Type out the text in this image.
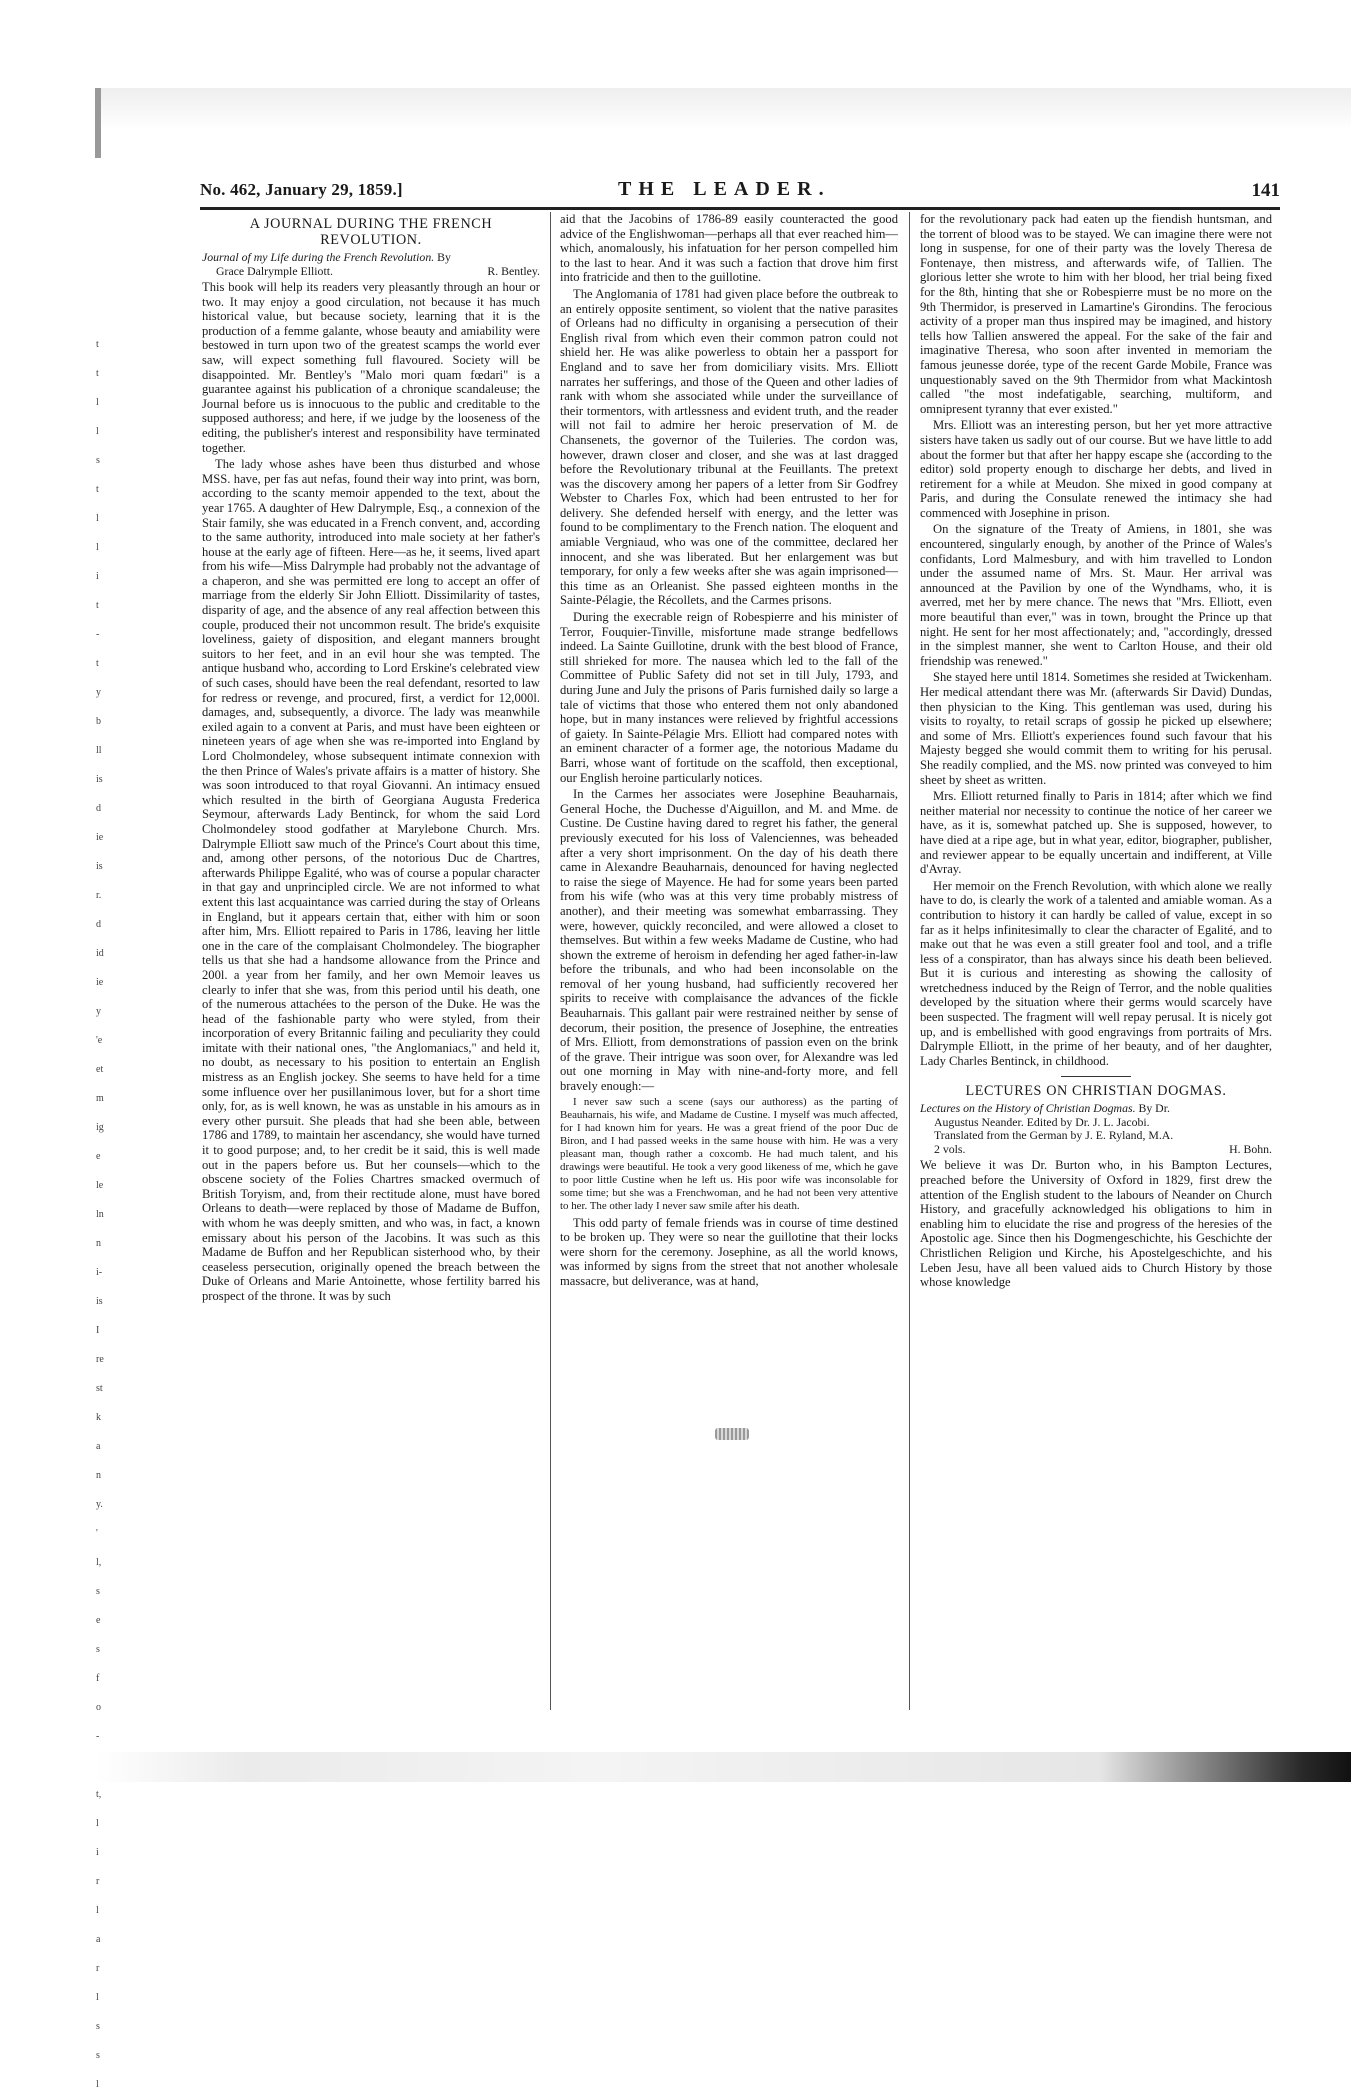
t
t
l
l
s
t
l
l
i
t
-
t
y
b
ll
is
d
ie
is
r.
d
id
ie
y
'e
et
m
ig
e
le
ln
n
i-
is
I
re
st
k
a
n
y.
'
l,
s
e
s
f
o
-
t,
l
i
r
l
a
r
l
s
s
l
No. 462, January 29, 1859.]	THE LEADER.	141
A JOURNAL DURING THE FRENCH REVOLUTION.
Journal of my Life during the French Revolution. By
Grace Dalrymple Elliott.	R. Bentley.

This book will help its readers very pleasantly through an hour or two. It may enjoy a good circulation, not because it has much historical value, but because society, learning that it is the production of a femme galante, whose beauty and amiability were bestowed in turn upon two of the greatest scamps the world ever saw, will expect something full flavoured. Society will be disappointed. Mr. Bentley's "Malo mori quam fœdari" is a guarantee against his publication of a chronique scandaleuse; the Journal before us is innocuous to the public and creditable to the supposed authoress; and here, if we judge by the looseness of the editing, the publisher's interest and responsibility have terminated together.

The lady whose ashes have been thus disturbed and whose MSS. have, per fas aut nefas, found their way into print, was born, according to the scanty memoir appended to the text, about the year 1765. A daughter of Hew Dalrymple, Esq., a connexion of the Stair family, she was educated in a French convent, and, according to the same authority, introduced into male society at her father's house at the early age of fifteen. Here—as he, it seems, lived apart from his wife—Miss Dalrymple had probably not the advantage of a chaperon, and she was permitted ere long to accept an offer of marriage from the elderly Sir John Elliott. Dissimilarity of tastes, disparity of age, and the absence of any real affection between this couple, produced their not uncommon result. The bride's exquisite loveliness, gaiety of disposition, and elegant manners brought suitors to her feet, and in an evil hour she was tempted. The antique husband who, according to Lord Erskine's celebrated view of such cases, should have been the real defendant, resorted to law for redress or revenge, and procured, first, a verdict for 12,000l. damages, and, subsequently, a divorce. The lady was meanwhile exiled again to a convent at Paris, and must have been eighteen or nineteen years of age when she was re-imported into England by Lord Cholmondeley, whose subsequent intimate connexion with the then Prince of Wales's private affairs is a matter of history. She was soon introduced to that royal Giovanni. An intimacy ensued which resulted in the birth of Georgiana Augusta Frederica Seymour, afterwards Lady Bentinck, for whom the said Lord Cholmondeley stood godfather at Marylebone Church. Mrs. Dalrymple Elliott saw much of the Prince's Court about this time, and, among other persons, of the notorious Duc de Chartres, afterwards Philippe Egalité, who was of course a popular character in that gay and unprincipled circle. We are not informed to what extent this last acquaintance was carried during the stay of Orleans in England, but it appears certain that, either with him or soon after him, Mrs. Elliott repaired to Paris in 1786, leaving her little one in the care of the complaisant Cholmondeley. The biographer tells us that she had a handsome allowance from the Prince and 200l. a year from her family, and her own Memoir leaves us clearly to infer that she was, from this period until his death, one of the numerous attachées to the person of the Duke. He was the head of the fashionable party who were styled, from their incorporation of every Britannic failing and peculiarity they could imitate with their national ones, "the Anglomaniacs," and held it, no doubt, as necessary to his position to entertain an English mistress as an English jockey. She seems to have held for a time some influence over her pusillanimous lover, but for a short time only, for, as is well known, he was as unstable in his amours as in every other pursuit. She pleads that had she been able, between 1786 and 1789, to maintain her ascendancy, she would have turned it to good purpose; and, to her credit be it said, this is well made out in the papers before us. But her counsels—which to the obscene society of the Folies Chartres smacked overmuch of British Toryism, and, from their rectitude alone, must have bored Orleans to death—were replaced by those of Madame de Buffon, with whom he was deeply smitten, and who was, in fact, a known emissary about his person of the Jacobins. It was such as this Madame de Buffon and her Republican sisterhood who, by their ceaseless persecution, originally opened the breach between the Duke of Orleans and Marie Antoinette, whose fertility barred his prospect of the throne. It was by such

aid that the Jacobins of 1786-89 easily counteracted the good advice of the Englishwoman—perhaps all that ever reached him—which, anomalously, his infatuation for her person compelled him to the last to hear. And it was such a faction that drove him first into fratricide and then to the guillotine.

The Anglomania of 1781 had given place before the outbreak to an entirely opposite sentiment, so violent that the native parasites of Orleans had no difficulty in organising a persecution of their English rival from which even their common patron could not shield her. He was alike powerless to obtain her a passport for England and to save her from domiciliary visits. Mrs. Elliott narrates her sufferings, and those of the Queen and other ladies of rank with whom she associated while under the surveillance of their tormentors, with artlessness and evident truth, and the reader will not fail to admire her heroic preservation of M. de Chansenets, the governor of the Tuileries. The cordon was, however, drawn closer and closer, and she was at last dragged before the Revolutionary tribunal at the Feuillants. The pretext was the discovery among her papers of a letter from Sir Godfrey Webster to Charles Fox, which had been entrusted to her for delivery. She defended herself with energy, and the letter was found to be complimentary to the French nation. The eloquent and amiable Vergniaud, who was one of the committee, declared her innocent, and she was liberated. But her enlargement was but temporary, for only a few weeks after she was again imprisoned—this time as an Orleanist. She passed eighteen months in the Sainte-Pélagie, the Récollets, and the Carmes prisons.

During the execrable reign of Robespierre and his minister of Terror, Fouquier-Tinville, misfortune made strange bedfellows indeed. La Sainte Guillotine, drunk with the best blood of France, still shrieked for more. The nausea which led to the fall of the Committee of Public Safety did not set in till July, 1793, and during June and July the prisons of Paris furnished daily so large a tale of victims that those who entered them not only abandoned hope, but in many instances were relieved by frightful accessions of gaiety. In Sainte-Pélagie Mrs. Elliott had compared notes with an eminent character of a former age, the notorious Madame du Barri, whose want of fortitude on the scaffold, then exceptional, our English heroine particularly notices.

In the Carmes her associates were Josephine Beauharnais, General Hoche, the Duchesse d'Aiguillon, and M. and Mme. de Custine. De Custine having dared to regret his father, the general previously executed for his loss of Valenciennes, was beheaded after a very short imprisonment. On the day of his death there came in Alexandre Beauharnais, denounced for having neglected to raise the siege of Mayence. He had for some years been parted from his wife (who was at this very time probably mistress of another), and their meeting was somewhat embarrassing. They were, however, quickly reconciled, and were allowed a closet to themselves. But within a few weeks Madame de Custine, who had shown the extreme of heroism in defending her aged father-in-law before the tribunals, and who had been inconsolable on the removal of her young husband, had sufficiently recovered her spirits to receive with complaisance the advances of the fickle Beauharnais. This gallant pair were restrained neither by sense of decorum, their position, the presence of Josephine, the entreaties of Mrs. Elliott, from demonstrations of passion even on the brink of the grave. Their intrigue was soon over, for Alexandre was led out one morning in May with nine-and-forty more, and fell bravely enough:—

I never saw such a scene (says our authoress) as the parting of Beauharnais, his wife, and Madame de Custine. I myself was much affected, for I had known him for years. He was a great friend of the poor Duc de Biron, and I had passed weeks in the same house with him. He was a very pleasant man, though rather a coxcomb. He had much talent, and his drawings were beautiful. He took a very good likeness of me, which he gave to poor little Custine when he left us. His poor wife was inconsolable for some time; but she was a Frenchwoman, and he had not been very attentive to her. The other lady I never saw smile after his death.

This odd party of female friends was in course of time destined to be broken up. They were so near the guillotine that their locks were shorn for the ceremony. Josephine, as all the world knows, was informed by signs from the street that not another wholesale massacre, but deliverance, was at hand,

for the revolutionary pack had eaten up the fiendish huntsman, and the torrent of blood was to be stayed. We can imagine there were not long in suspense, for one of their party was the lovely Theresa de Fontenaye, then mistress, and afterwards wife, of Tallien. The glorious letter she wrote to him with her blood, her trial being fixed for the 8th, hinting that she or Robespierre must be no more on the 9th Thermidor, is preserved in Lamartine's Girondins. The ferocious activity of a proper man thus inspired may be imagined, and history tells how Tallien answered the appeal. For the sake of the fair and imaginative Theresa, who soon after invented in memoriam the famous jeunesse dorée, type of the recent Garde Mobile, France was unquestionably saved on the 9th Thermidor from what Mackintosh called "the most indefatigable, searching, multiform, and omnipresent tyranny that ever existed."

Mrs. Elliott was an interesting person, but her yet more attractive sisters have taken us sadly out of our course. But we have little to add about the former but that after her happy escape she (according to the editor) sold property enough to discharge her debts, and lived in retirement for a while at Meudon. She mixed in good company at Paris, and during the Consulate renewed the intimacy she had commenced with Josephine in prison.

On the signature of the Treaty of Amiens, in 1801, she was encountered, singularly enough, by another of the Prince of Wales's confidants, Lord Malmesbury, and with him travelled to London under the assumed name of Mrs. St. Maur. Her arrival was announced at the Pavilion by one of the Wyndhams, who, it is averred, met her by mere chance. The news that "Mrs. Elliott, even more beautiful than ever," was in town, brought the Prince up that night. He sent for her most affectionately; and, "accordingly, dressed in the simplest manner, she went to Carlton House, and their old friendship was renewed."

She stayed here until 1814. Sometimes she resided at Twickenham. Her medical attendant there was Mr. (afterwards Sir David) Dundas, then physician to the King. This gentleman was used, during his visits to royalty, to retail scraps of gossip he picked up elsewhere; and some of Mrs. Elliott's experiences found such favour that his Majesty begged she would commit them to writing for his perusal. She readily complied, and the MS. now printed was conveyed to him sheet by sheet as written.

Mrs. Elliott returned finally to Paris in 1814; after which we find neither material nor necessity to continue the notice of her career we have, as it is, somewhat patched up. She is supposed, however, to have died at a ripe age, but in what year, editor, biographer, publisher, and reviewer appear to be equally uncertain and indifferent, at Ville d'Avray.

Her memoir on the French Revolution, with which alone we really have to do, is clearly the work of a talented and amiable woman. As a contribution to history it can hardly be called of value, except in so far as it helps infinitesimally to clear the character of Egalité, and to make out that he was even a still greater fool and tool, and a trifle less of a conspirator, than has always since his death been believed. But it is curious and interesting as showing the callosity of wretchedness induced by the Reign of Terror, and the noble qualities developed by the situation where their germs would scarcely have been suspected. The fragment will well repay perusal. It is nicely got up, and is embellished with good engravings from portraits of Mrs. Dalrymple Elliott, in the prime of her beauty, and of her daughter, Lady Charles Bentinck, in childhood.

LECTURES ON CHRISTIAN DOGMAS.
Lectures on the History of Christian Dogmas. By Dr.
Augustus Neander. Edited by Dr. J. L. Jacobi.
Translated from the German by J. E. Ryland, M.A.
2 vols.	H. Bohn.

We believe it was Dr. Burton who, in his Bampton Lectures, preached before the University of Oxford in 1829, first drew the attention of the English student to the labours of Neander on Church History, and gracefully acknowledged his obligations to him in enabling him to elucidate the rise and progress of the heresies of the Apostolic age. Since then his Dogmengeschichte, his Geschichte der Christlichen Religion und Kirche, his Apostelgeschichte, and his Leben Jesu, have all been valued aids to Church History by those whose knowledge
